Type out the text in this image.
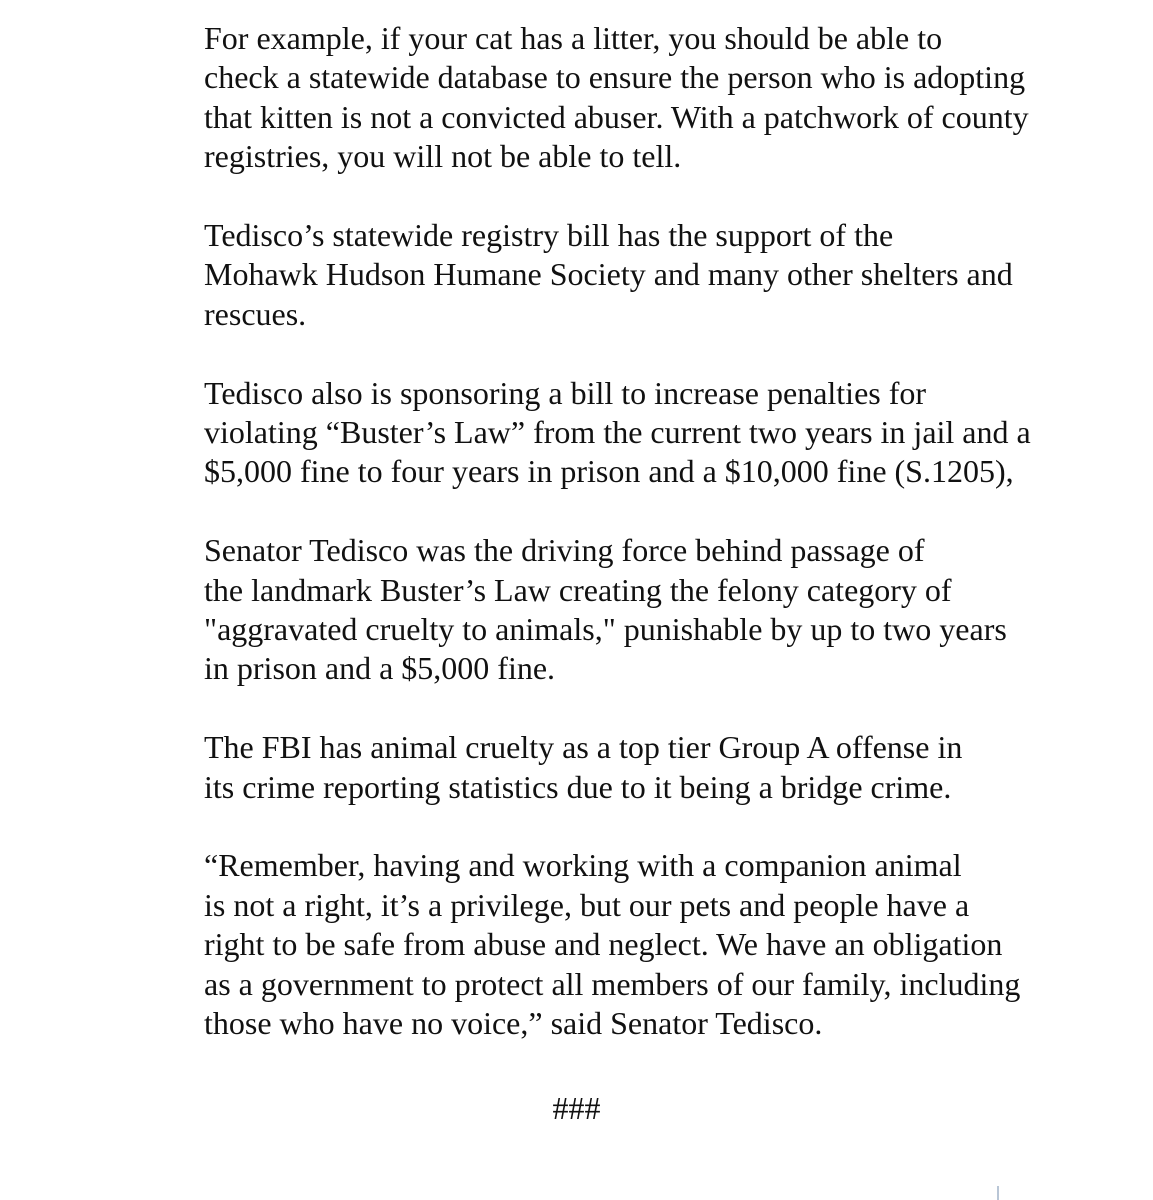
For example, if your cat has a litter, you should be able to
check a statewide database to ensure the person who is adopting
that kitten is not a convicted abuser. With a patchwork of county
registries, you will not be able to tell.

Tedisco’s statewide registry bill has the support of the
Mohawk Hudson Humane Society and many other shelters and
rescues.

Tedisco also is sponsoring a bill to increase penalties for
violating “Buster’s Law” from the current two years in jail and a
$5,000 fine to four years in prison and a $10,000 fine (S.1205),

Senator Tedisco was the driving force behind passage of
the landmark Buster’s Law creating the felony category of
"aggravated cruelty to animals," punishable by up to two years
in prison and a $5,000 fine.

The FBI has animal cruelty as a top tier Group A offense in
its crime reporting statistics due to it being a bridge crime.

“Remember, having and working with a companion animal
is not a right, it’s a privilege, but our pets and people have a
right to be safe from abuse and neglect. We have an obligation
as a government to protect all members of our family, including
those who have no voice,” said Senator Tedisco.

###
